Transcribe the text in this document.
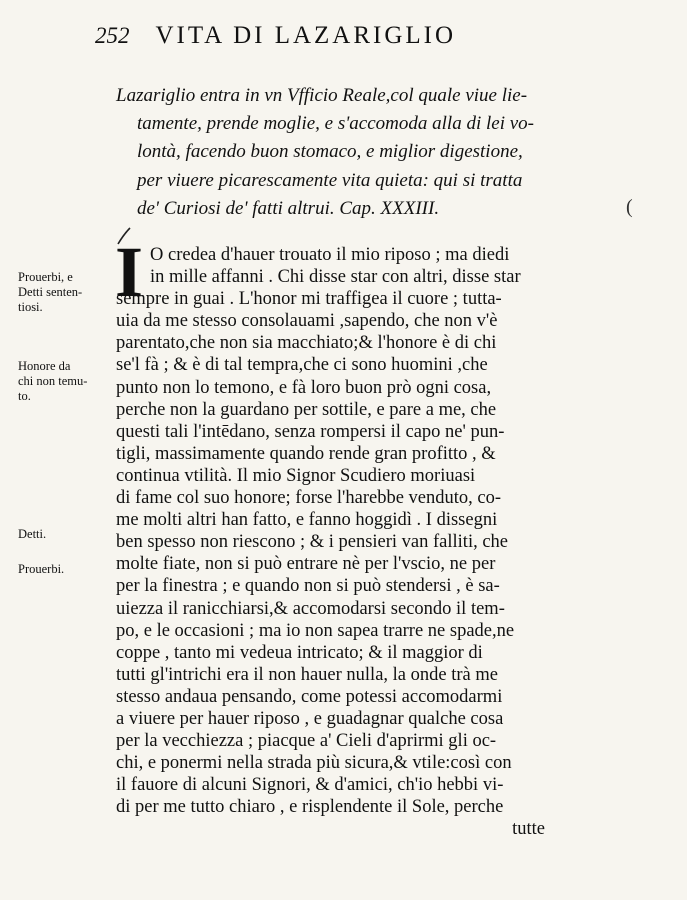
252 VITA DI LAZARIGLIO
Lazariglio entra in vn Vfficio Reale,col quale viue lie-
tamente, prende moglie, e s'accomoda alla di lei vo-
lontà, facendo buon stomaco, e miglior digestione,
per viuere picarescamente vita quieta: qui si tratta
de' Curiosi de' fatti altrui. Cap. XXXIII.	(
I O credea d'hauer trouato il mio riposo ; ma diedi
in mille affanni . Chi disse star con altri, disse star
sempre in guai . L'honor mi traffigea il cuore ; tutta-
uia da me stesso consolauami ,sapendo, che non v'è
parentato,che non sia macchiato;& l'honore è di chi
se'l fà ; & è di tal tempra,che ci sono huomini ,che
punto non lo temono, e fà loro buon prò ogni cosa,
perche non la guardano per sottile, e pare a me, che
questi tali l'intēdano, senza rompersi il capo ne' pun-
tigli, massimamente quando rende gran profitto , &
continua vtilità. Il mio Signor Scudiero moriuasi
di fame col suo honore; forse l'harebbe venduto, co-
me molti altri han fatto, e fanno hoggidì . I dissegni
ben spesso non riescono ; & i pensieri van falliti, che
molte fiate, non si può entrare nè per l'vscio, ne per
per la finestra ; e quando non si può stendersi , è sa-
uiezza il ranicchiarsi,& accomodarsi secondo il tem-
po, e le occasioni ; ma io non sapea trarre ne spade,ne
coppe , tanto mi vedeua intricato; & il maggior di
tutti gl'intrichi era il non hauer nulla, la onde trà me
stesso andaua pensando, come potessi accomodarmi
a viuere per hauer riposo , e guadagnar qualche cosa
per la vecchiezza ; piacque a' Cieli d'aprirmi gli oc-
chi, e ponermi nella strada più sicura,& vtile:così con
il fauore di alcuni Signori, & d'amici, ch'io hebbi vi-
di per me tutto chiaro , e risplendente il Sole, perche
tutte
Prouerbi, e
Detti senten-
tiosi.
Honore da
chi non temu-
to.
Detti.
Prouerbi.
